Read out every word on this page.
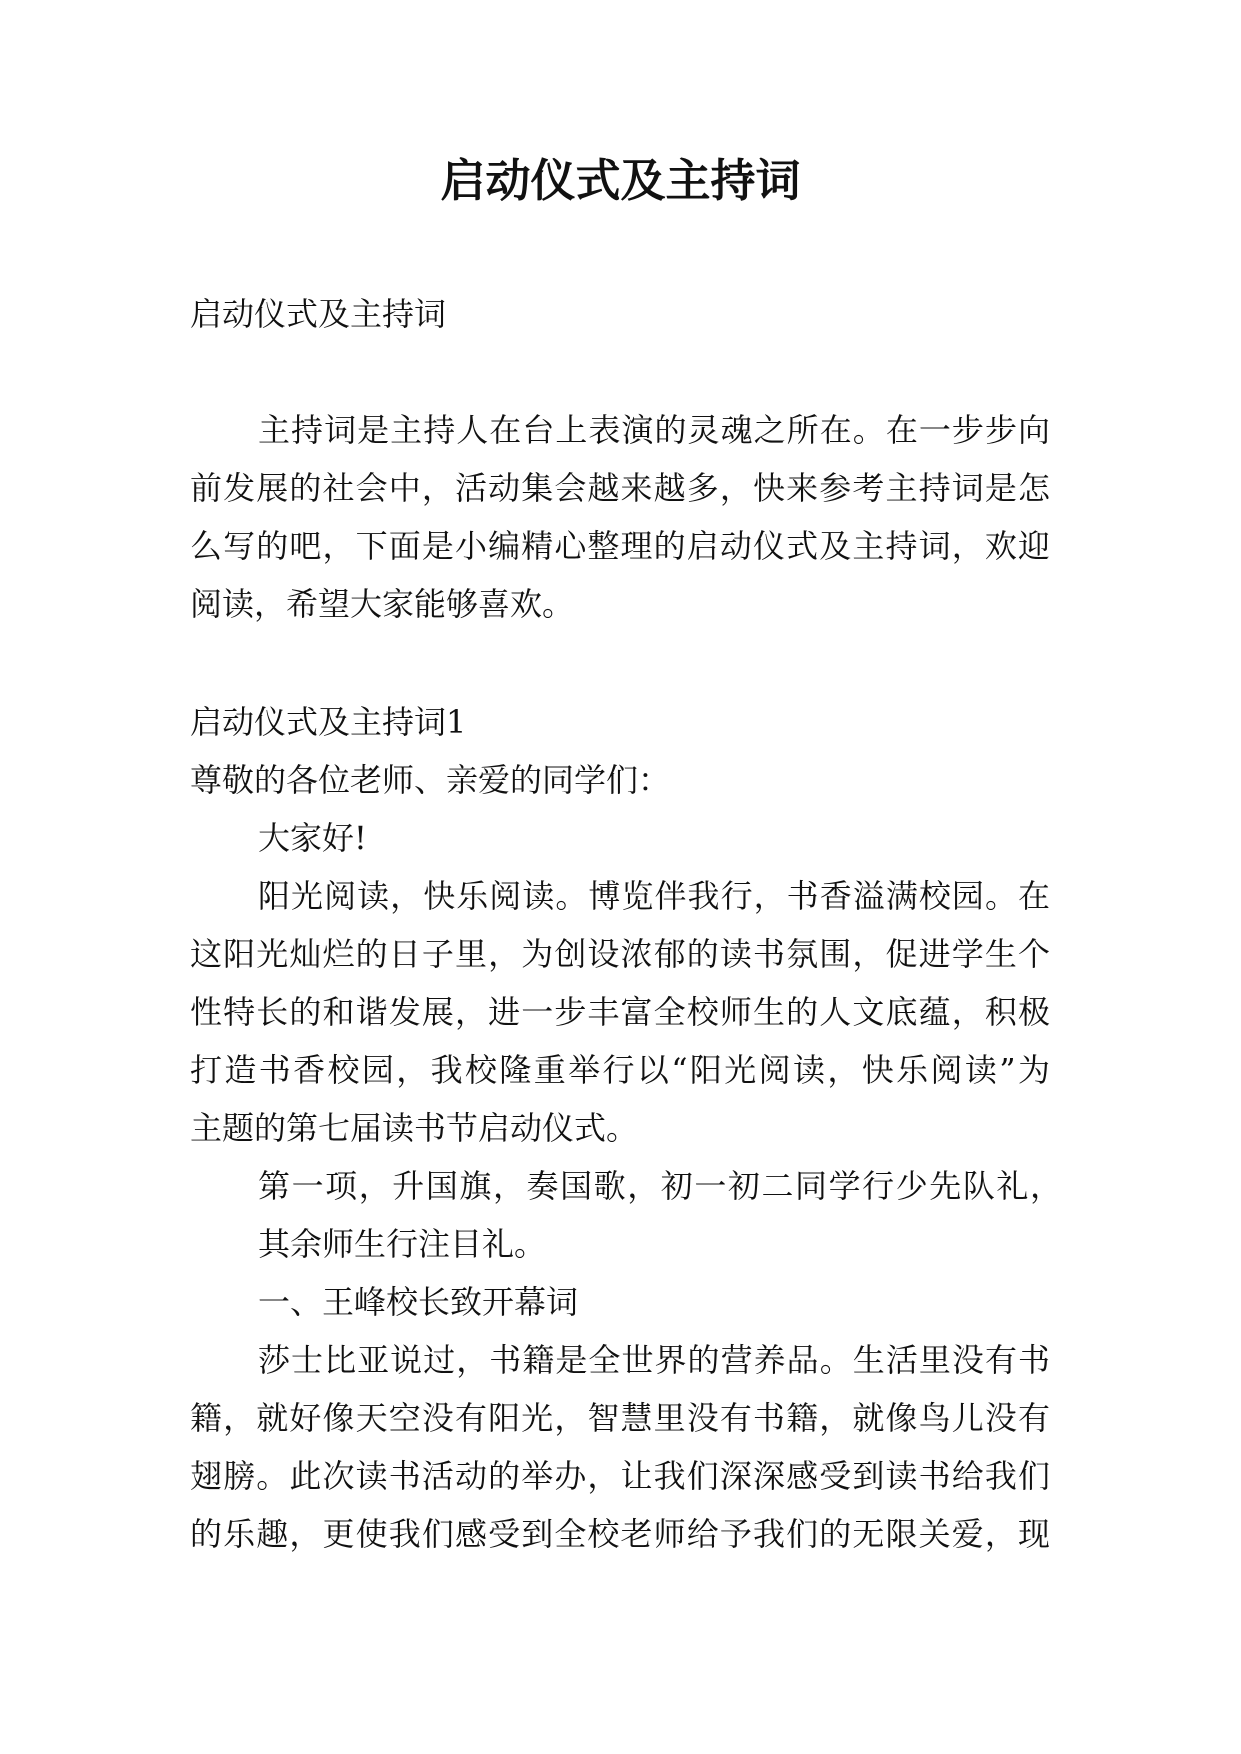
启动仪式及主持词

启动仪式及主持词

主持词是主持人在台上表演的灵魂之所在。在一步步向

前发展的社会中，活动集会越来越多，快来参考主持词是怎

么写的吧，下面是小编精心整理的启动仪式及主持词，欢迎

阅读，希望大家能够喜欢。

启动仪式及主持词1

尊敬的各位老师、亲爱的同学们：

大家好!

阳光阅读，快乐阅读。博览伴我行，书香溢满校园。在

这阳光灿烂的日子里，为创设浓郁的读书氛围，促进学生个

性特长的和谐发展，进一步丰富全校师生的人文底蕴，积极

打造书香校园，我校隆重举行以“阳光阅读，快乐阅读”为

主题的第七届读书节启动仪式。

第一项，升国旗，奏国歌，初一初二同学行少先队礼，

其余师生行注目礼。

一、王峰校长致开幕词

莎士比亚说过，书籍是全世界的营养品。生活里没有书

籍，就好像天空没有阳光，智慧里没有书籍，就像鸟儿没有

翅膀。此次读书活动的举办，让我们深深感受到读书给我们

的乐趣，更使我们感受到全校老师给予我们的无限关爱，现
